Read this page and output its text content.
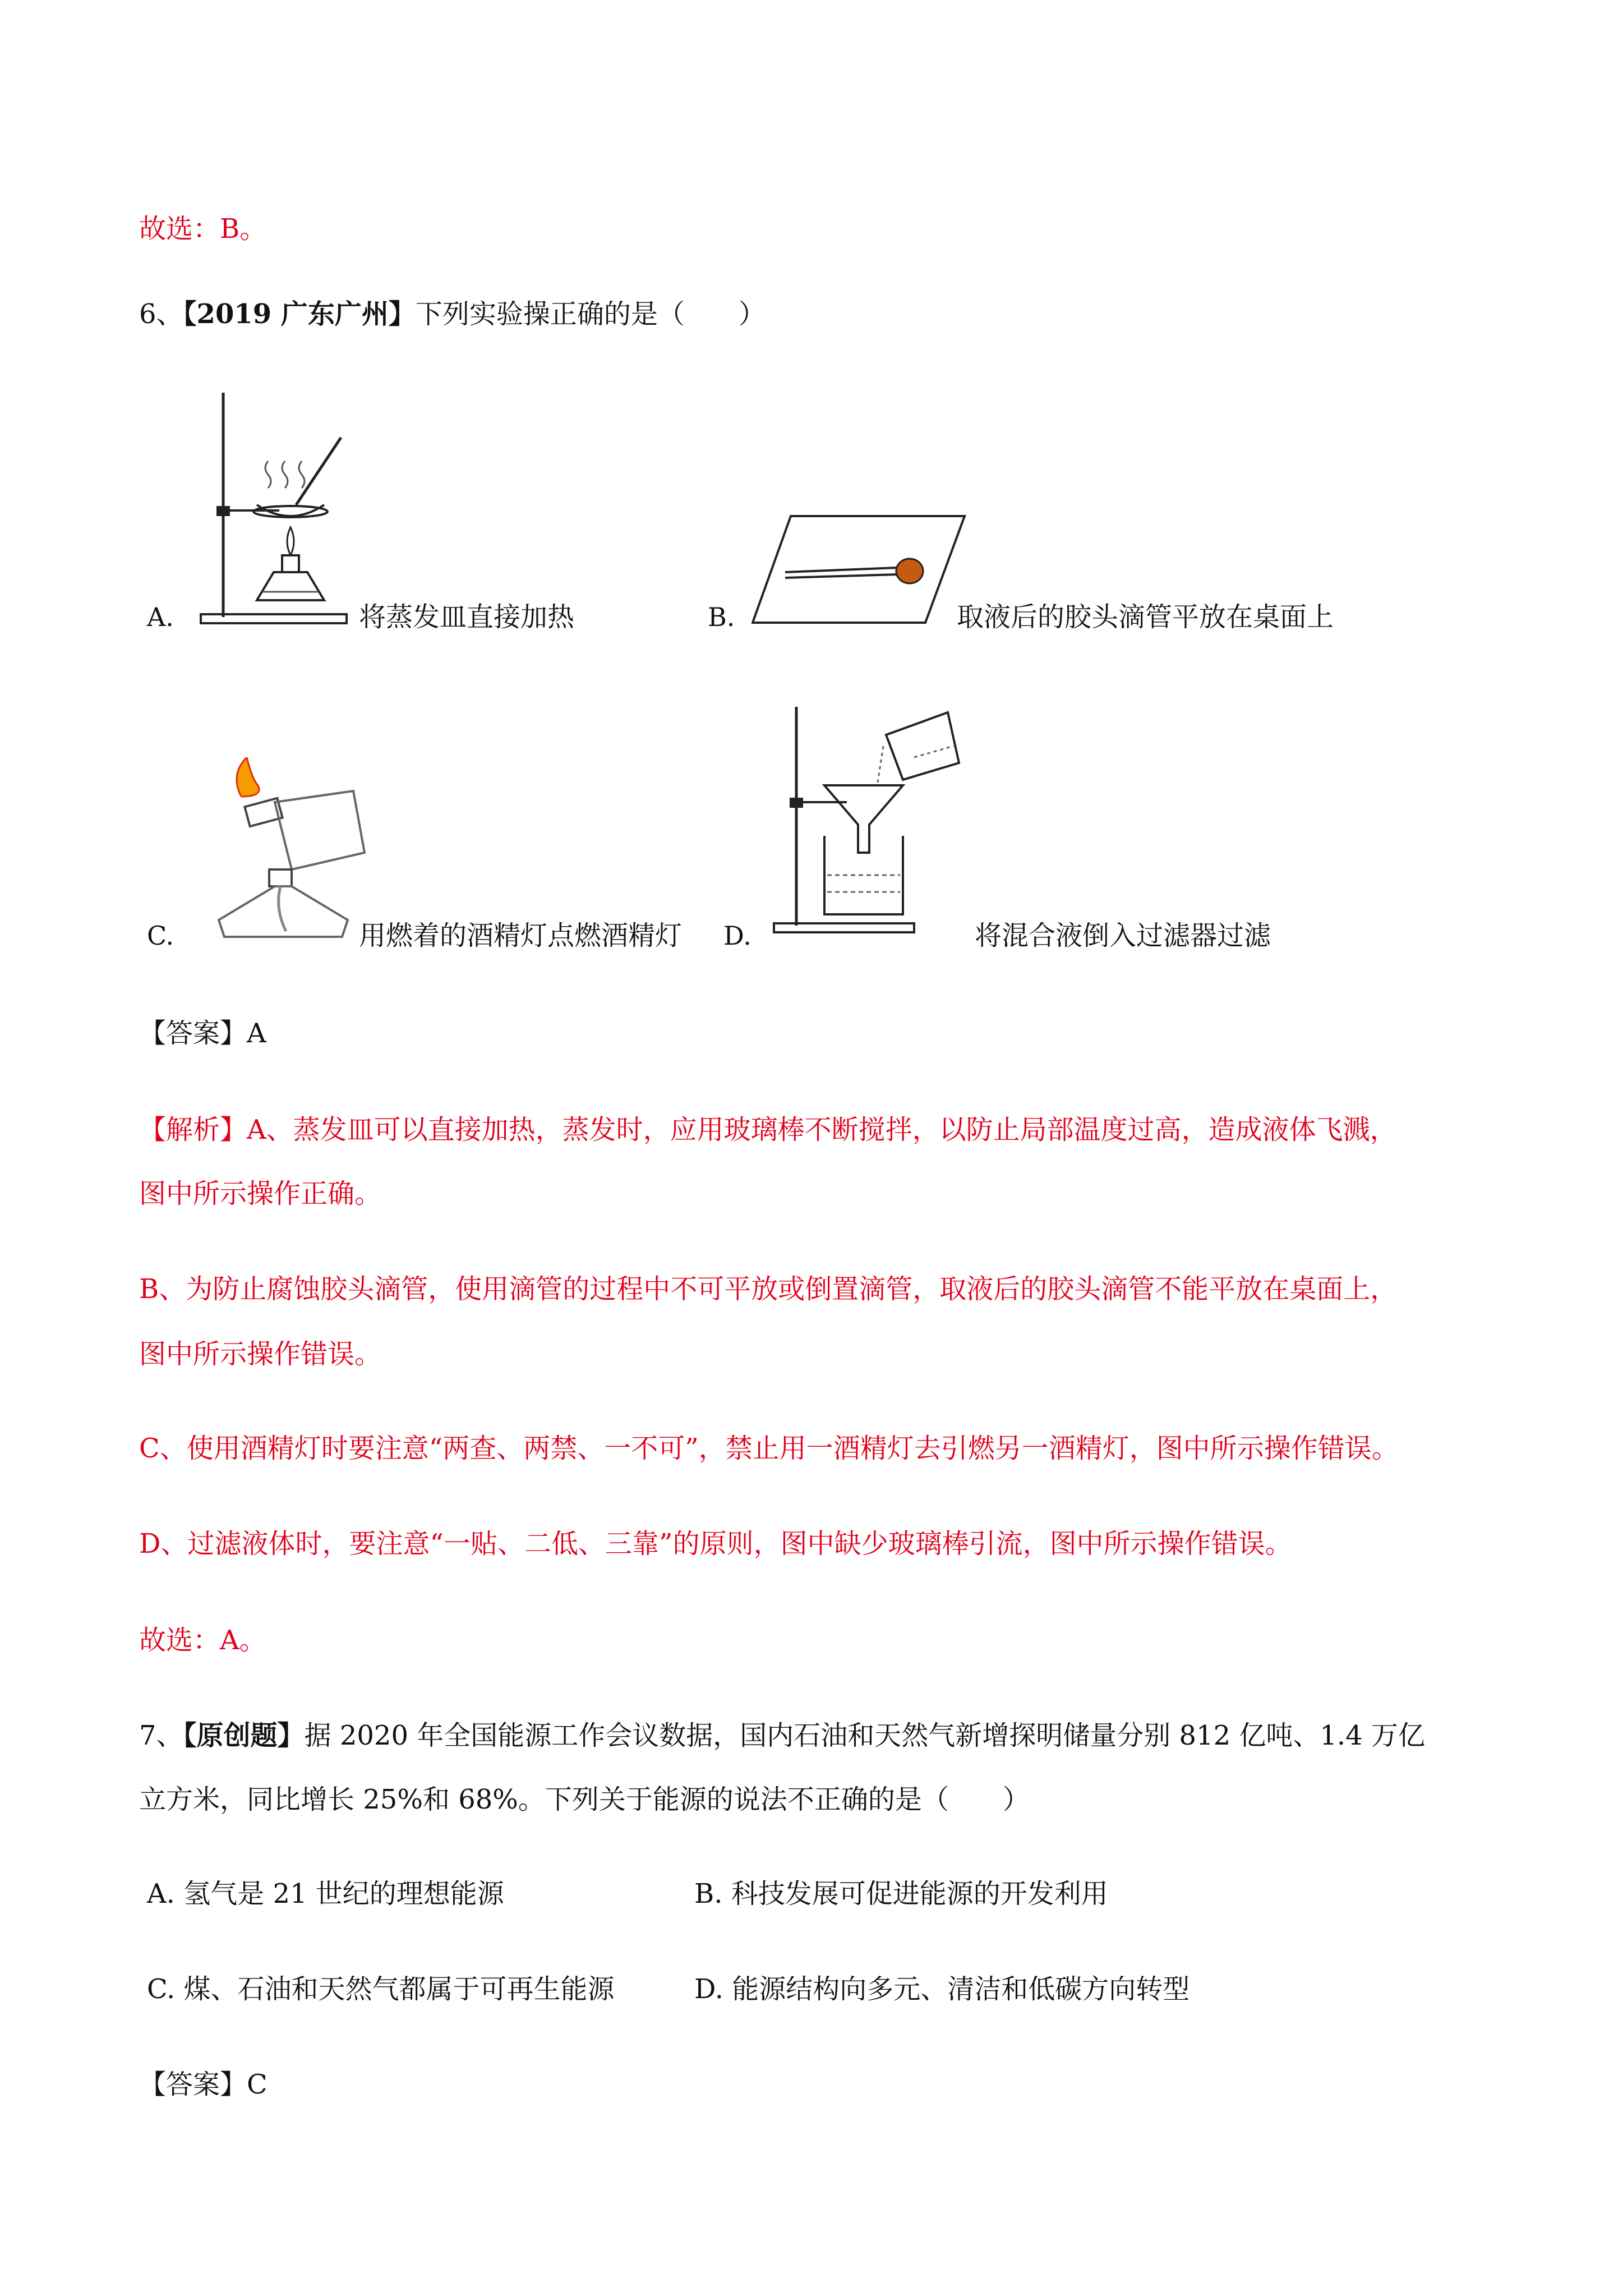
故选：B。
6、【2019 广东广州】下列实验操正确的是（　　）
A.	将蒸发皿直接加热	B.	取液后的胶头滴管平放在桌面上
C.	用燃着的酒精灯点燃酒精灯 D.	将混合液倒入过滤器过滤
【答案】A
【解析】A、蒸发皿可以直接加热，蒸发时，应用玻璃棒不断搅拌，以防止局部温度过高，造成液体飞溅，
图中所示操作正确。
B、为防止腐蚀胶头滴管，使用滴管的过程中不可平放或倒置滴管，取液后的胶头滴管不能平放在桌面上，
图中所示操作错误。
C、使用酒精灯时要注意“两查、两禁、一不可”，禁止用一酒精灯去引燃另一酒精灯，图中所示操作错误。
D、过滤液体时，要注意“一贴、二低、三靠”的原则，图中缺少玻璃棒引流，图中所示操作错误。
故选：A。
7、【原创题】据 2020 年全国能源工作会议数据，国内石油和天然气新增探明储量分别 812 亿吨、1.4 万亿
立方米，同比增长 25%和 68%。下列关于能源的说法不正确的是（　　）
A. 氢气是 21 世纪的理想能源	B. 科技发展可促进能源的开发利用
C. 煤、石油和天然气都属于可再生能源	D. 能源结构向多元、清洁和低碳方向转型
【答案】C
